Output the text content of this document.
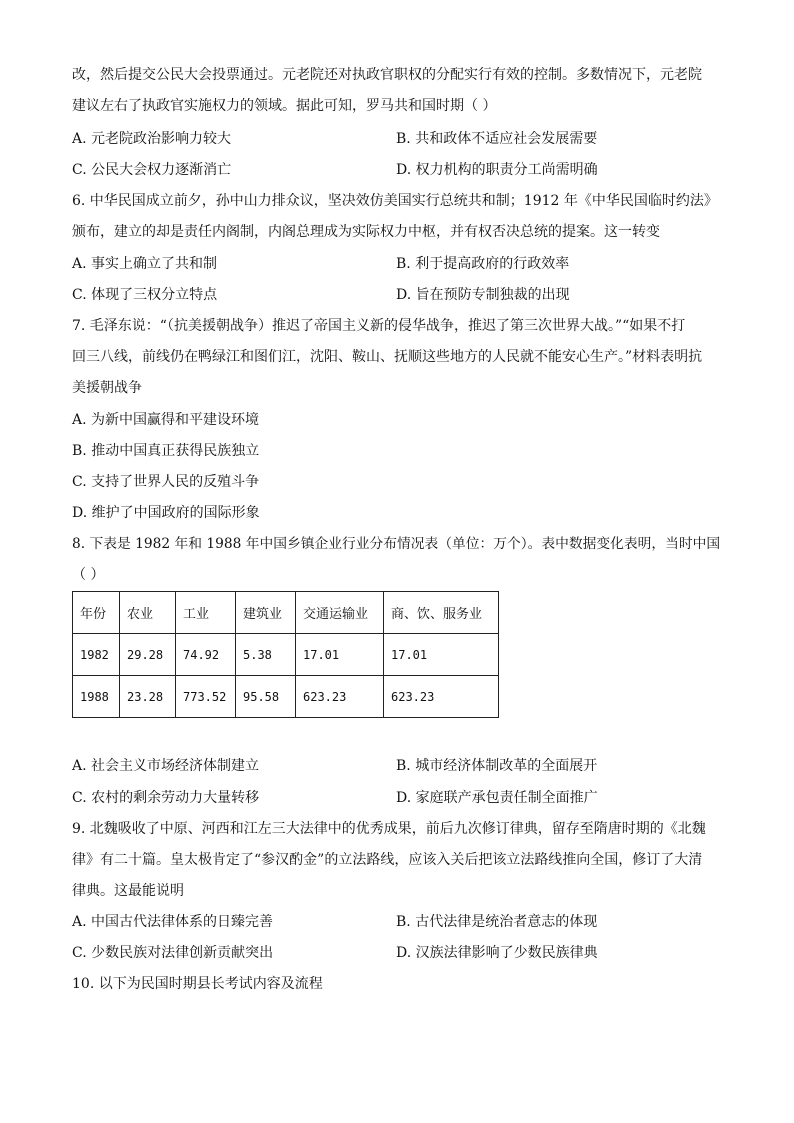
改，然后提交公民大会投票通过。元老院还对执政官职权的分配实行有效的控制。多数情况下，元老院
建议左右了执政官实施权力的领域。据此可知，罗马共和国时期（ ）
A. 元老院政治影响力较大	B. 共和政体不适应社会发展需要
C. 公民大会权力逐渐消亡	D. 权力机构的职责分工尚需明确
6. 中华民国成立前夕，孙中山力排众议，坚决效仿美国实行总统共和制；1912 年《中华民国临时约法》
颁布，建立的却是责任内阁制，内阁总理成为实际权力中枢，并有权否决总统的提案。这一转变
A. 事实上确立了共和制	B. 利于提高政府的行政效率
C. 体现了三权分立特点	D. 旨在预防专制独裁的出现
7. 毛泽东说：“（抗美援朝战争）推迟了帝国主义新的侵华战争，推迟了第三次世界大战。”“如果不打
回三八线，前线仍在鸭绿江和图们江，沈阳、鞍山、抚顺这些地方的人民就不能安心生产。”材料表明抗
美援朝战争
A. 为新中国赢得和平建设环境
B. 推动中国真正获得民族独立
C. 支持了世界人民的反殖斗争
D. 维护了中国政府的国际形象
8. 下表是 1982 年和 1988 年中国乡镇企业行业分布情况表（单位：万个）。表中数据变化表明，当时中国
（ ）
年份	农业	工业	建筑业	交通运输业	商、饮、服务业
1982	29.28	74.92	5.38	17.01	17.01
1988	23.28	773.52	95.58	623.23	623.23
A. 社会主义市场经济体制建立	B. 城市经济体制改革的全面展开
C. 农村的剩余劳动力大量转移	D. 家庭联产承包责任制全面推广
9. 北魏吸收了中原、河西和江左三大法律中的优秀成果，前后九次修订律典，留存至隋唐时期的《北魏
律》有二十篇。皇太极肯定了“参汉酌金”的立法路线，应该入关后把该立法路线推向全国，修订了大清
律典。这最能说明
A. 中国古代法律体系的日臻完善	B. 古代法律是统治者意志的体现
C. 少数民族对法律创新贡献突出	D. 汉族法律影响了少数民族律典
10. 以下为民国时期县长考试内容及流程
